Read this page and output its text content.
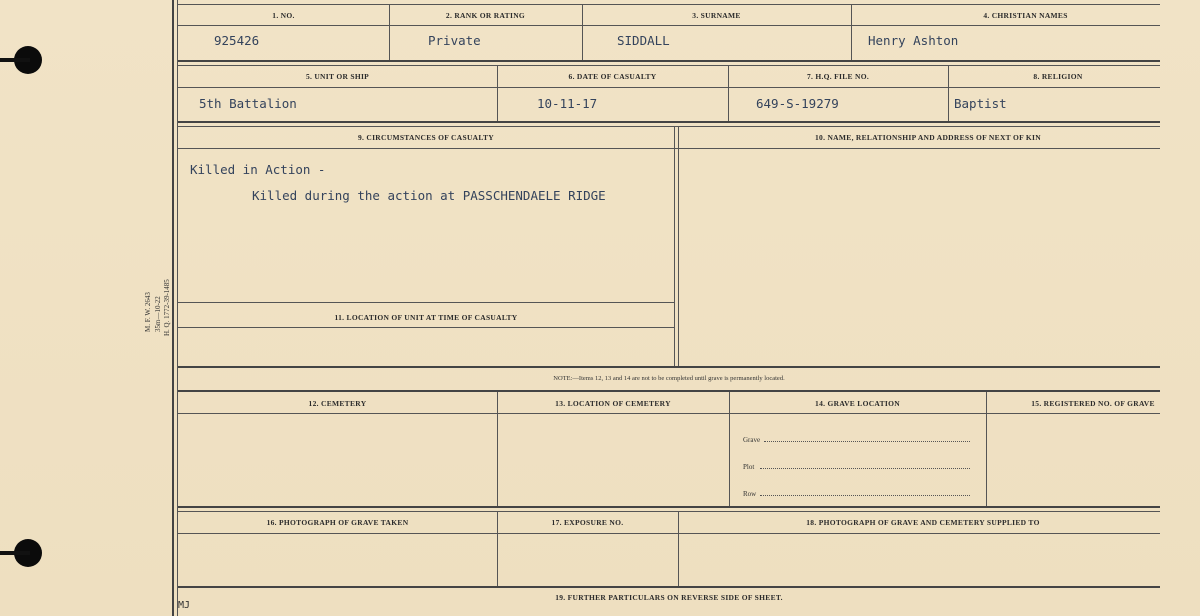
M. F. W. 2643 35m—10-22 H. Q. 1772-39-1485
1. NO.	2. RANK OR RATING	3. SURNAME	4. CHRISTIAN NAMES
925426	Private	SIDDALL	Henry Ashton
5. UNIT OR SHIP	6. DATE OF CASUALTY	7. H.Q. FILE NO.	8. RELIGION
5th Battalion	10-11-17	649-S-19279	Baptist
9. CIRCUMSTANCES OF CASUALTY	10. NAME, RELATIONSHIP AND ADDRESS OF NEXT OF KIN
Killed in Action -
Killed during the action at PASSCHENDAELE RIDGE
11. LOCATION OF UNIT AT TIME OF CASUALTY
NOTE:—Items 12, 13 and 14 are not to be completed until grave is permanently located.
12. CEMETERY	13. LOCATION OF CEMETERY	14. GRAVE LOCATION	15. REGISTERED NO. OF GRAVE
Grave
Plot
Row
16. PHOTOGRAPH OF GRAVE TAKEN	17. EXPOSURE NO.	18. PHOTOGRAPH OF GRAVE AND CEMETERY SUPPLIED TO
19. FURTHER PARTICULARS ON REVERSE SIDE OF SHEET.
MJ
